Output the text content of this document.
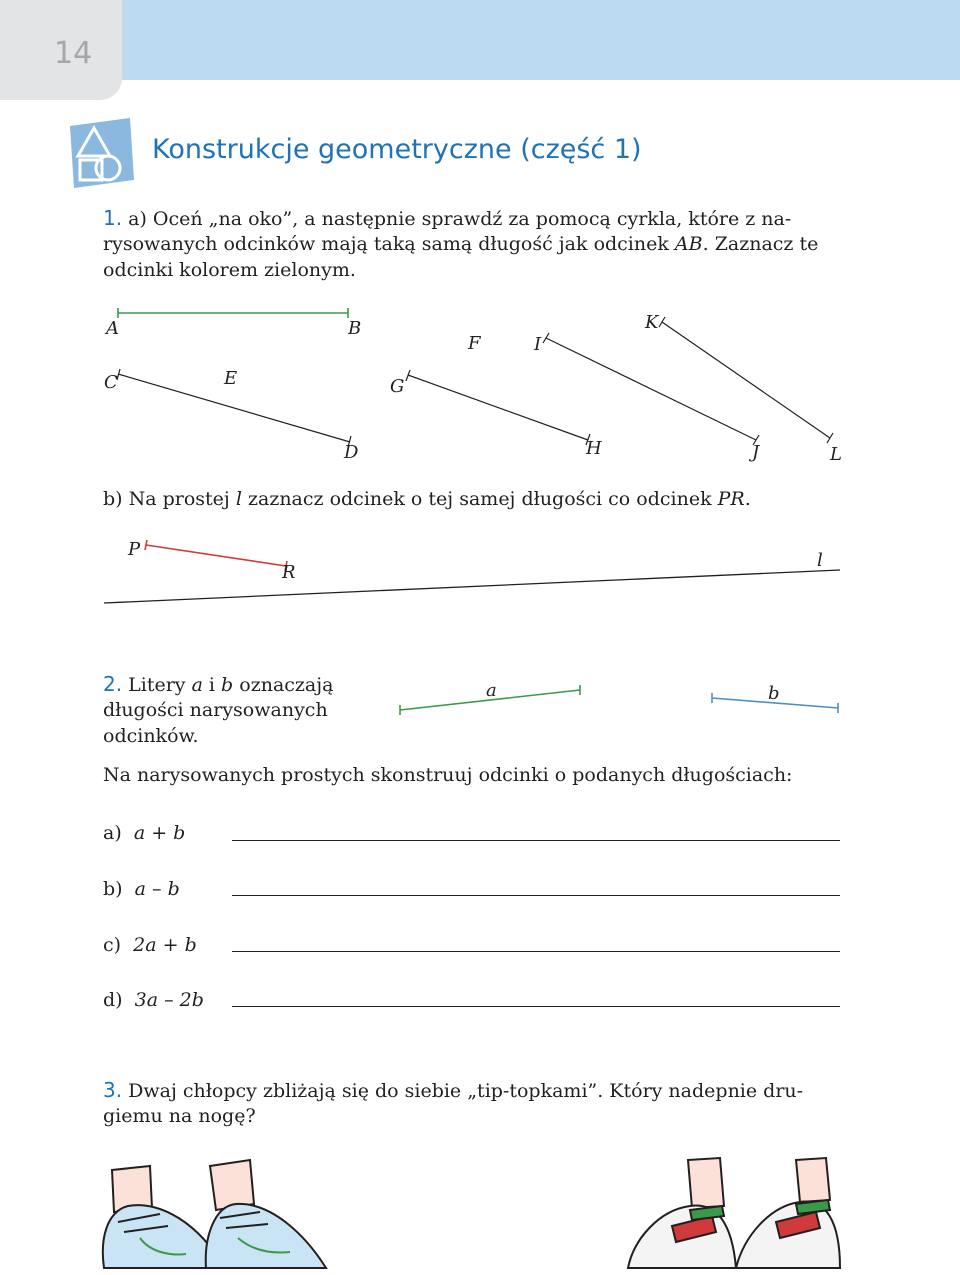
14
Konstrukcje geometryczne (część 1)

1. a) Oceń „na oko”, a następnie sprawdź za pomocą cyrkla, które z na-

rysowanych odcinków mają taką samą długość jak odcinek AB. Zaznacz te

odcinki kolorem zielonym.

A	B
C
D
E
F
G
H
I
J
K
L

b) Na prostej l zaznacz odcinek o tej samej długości co odcinek PR.

P
R
l

2. Litery a i b oznaczają

długości narysowanych

odcinków.

a	b

Na narysowanych prostych skonstruuj odcinki o podanych długościach:

a) a + b
b) a – b
c) 2a + b
d) 3a – 2b

3. Dwaj chłopcy zbliżają się do siebie „tip-topkami”. Który nadepnie dru-

giemu na nogę?
